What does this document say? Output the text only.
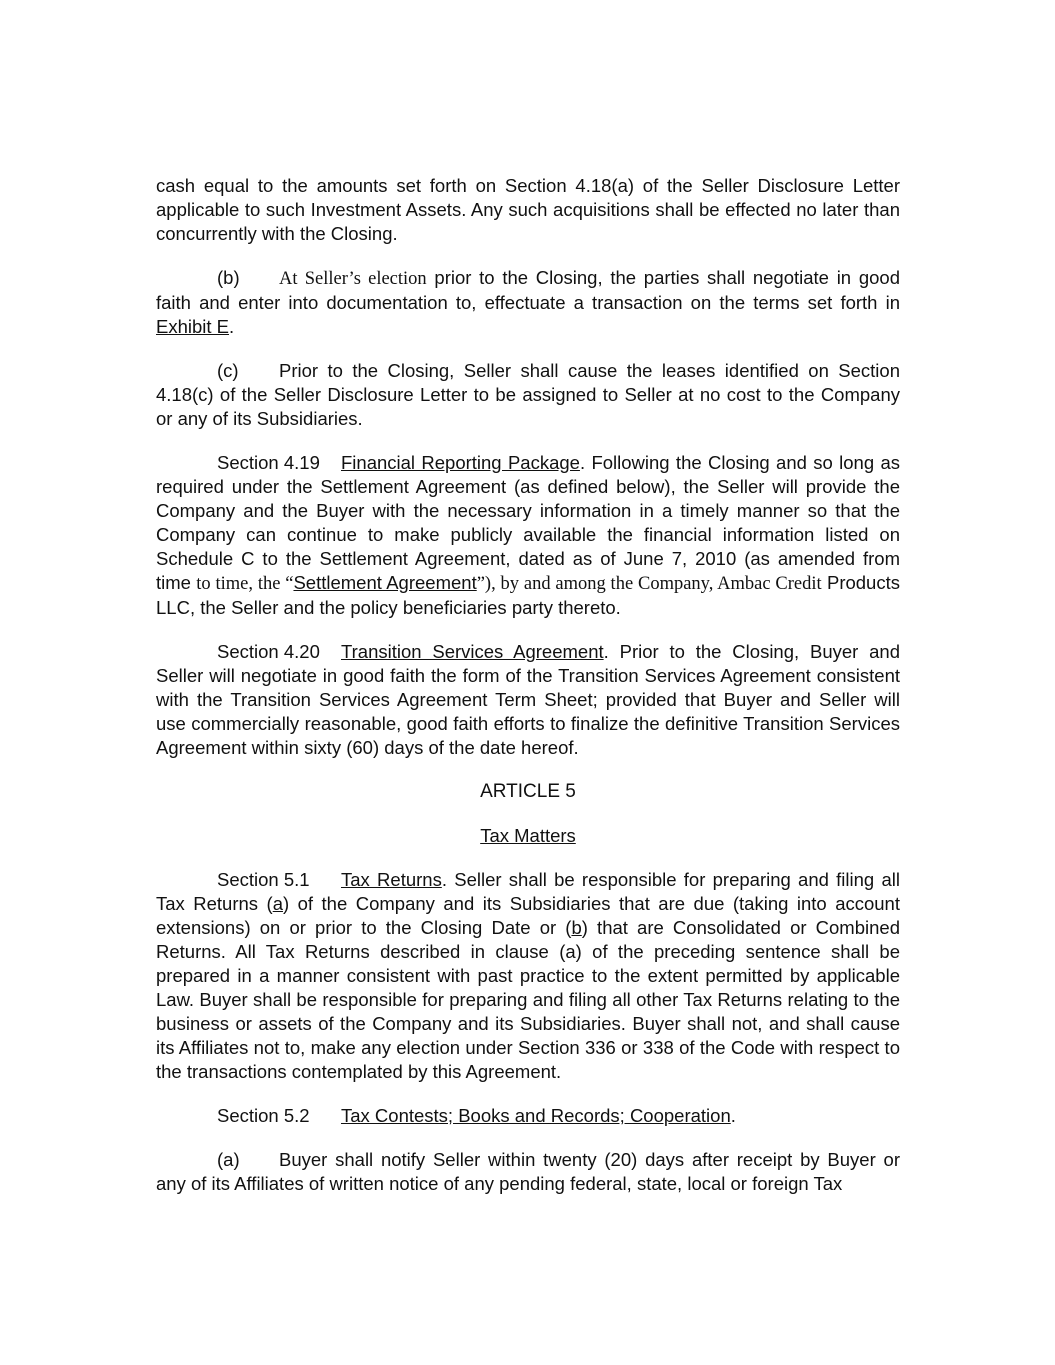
cash equal to the amounts set forth on Section 4.18(a) of the Seller Disclosure Letter applicable to such Investment Assets. Any such acquisitions shall be effected no later than concurrently with the Closing.

(b) At Seller’s election prior to the Closing, the parties shall negotiate in good faith and enter into documentation to, effectuate a transaction on the terms set forth in Exhibit E.

(c) Prior to the Closing, Seller shall cause the leases identified on Section 4.18(c) of the Seller Disclosure Letter to be assigned to Seller at no cost to the Company or any of its Subsidiaries.

Section 4.19 Financial Reporting Package. Following the Closing and so long as required under the Settlement Agreement (as defined below), the Seller will provide the Company and the Buyer with the necessary information in a timely manner so that the Company can continue to make publicly available the financial information listed on Schedule C to the Settlement Agreement, dated as of June 7, 2010 (as amended from time to time, the “Settlement Agreement”), by and among the Company, Ambac Credit Products LLC, the Seller and the policy beneficiaries party thereto.

Section 4.20 Transition Services Agreement. Prior to the Closing, Buyer and Seller will negotiate in good faith the form of the Transition Services Agreement consistent with the Transition Services Agreement Term Sheet; provided that Buyer and Seller will use commercially reasonable, good faith efforts to finalize the definitive Transition Services Agreement within sixty (60) days of the date hereof.

ARTICLE 5

Tax Matters

Section 5.1 Tax Returns. Seller shall be responsible for preparing and filing all Tax Returns (a) of the Company and its Subsidiaries that are due (taking into account extensions) on or prior to the Closing Date or (b) that are Consolidated or Combined Returns. All Tax Returns described in clause (a) of the preceding sentence shall be prepared in a manner consistent with past practice to the extent permitted by applicable Law. Buyer shall be responsible for preparing and filing all other Tax Returns relating to the business or assets of the Company and its Subsidiaries. Buyer shall not, and shall cause its Affiliates not to, make any election under Section 336 or 338 of the Code with respect to the transactions contemplated by this Agreement.

Section 5.2 Tax Contests; Books and Records; Cooperation.

(a) Buyer shall notify Seller within twenty (20) days after receipt by Buyer or any of its Affiliates of written notice of any pending federal, state, local or foreign Tax
